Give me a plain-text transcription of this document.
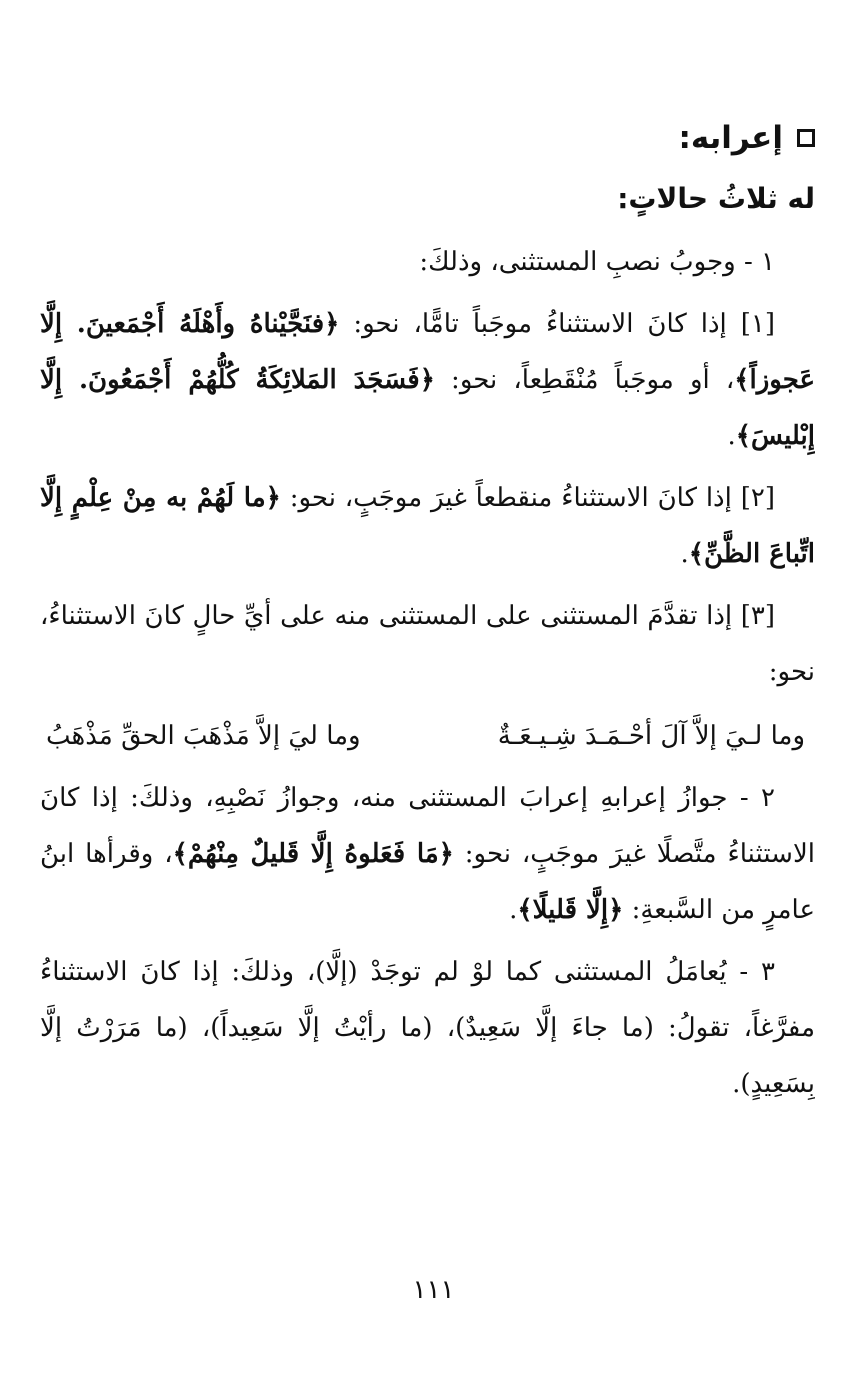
إعرابه:
له ثلاثُ حالاتٍ:

١ - وجوبُ نصبِ المستثنى، وذلكَ:

[١] إذا كانَ الاستثناءُ موجَباً تامًّا، نحو: ﴿فنَجَّيْناهُ وأَهْلَهُ أَجْمَعينَ. إِلَّا عَجوزاً﴾، أو موجَباً مُنْقَطِعاً، نحو: ﴿فَسَجَدَ المَلائِكَةُ كُلُّهُمْ أَجْمَعُونَ. إِلَّا إِبْليسَ﴾.

[٢] إذا كانَ الاستثناءُ منقطعاً غيرَ موجَبٍ، نحو: ﴿ما لَهُمْ به مِنْ عِلْمٍ إِلَّا اتِّباعَ الظَّنِّ﴾.

[٣] إذا تقدَّمَ المستثنى على المستثنى منه على أيِّ حالٍ كانَ الاستثناءُ، نحو:

وما لـيَ إلاَّ آلَ أحْـمَـدَ شِـيـعَـةٌ
وما ليَ إلاَّ مَذْهَبَ الحقِّ مَذْهَبُ

٢ - جوازُ إعرابهِ إعرابَ المستثنى منه، وجوازُ نَصْبِهِ، وذلكَ: إذا كانَ الاستثناءُ متَّصلًا غيرَ موجَبٍ، نحو: ﴿مَا فَعَلوهُ إِلَّا قَليلٌ مِنْهُمْ﴾، وقرأها ابنُ عامرٍ من السَّبعةِ: ﴿إِلَّا قَليلًا﴾.

٣ - يُعامَلُ المستثنى كما لوْ لم توجَدْ (إلَّا)، وذلكَ: إذا كانَ الاستثناءُ مفرَّغاً، تقولُ: (ما جاءَ إلَّا سَعِيدٌ)، (ما رأيْتُ إلَّا سَعِيداً)، (ما مَرَرْتُ إلَّا بِسَعِيدٍ).

١١١
